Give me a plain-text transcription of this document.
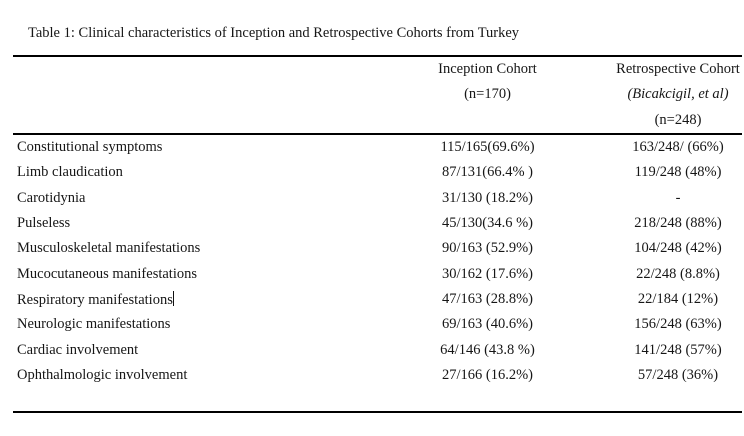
Table 1: Clinical characteristics of Inception and Retrospective Cohorts from Turkey
Inception Cohort
(n=170)
Retrospective Cohort
(Bicakcigil, et al)
(n=248)
Constitutional symptoms	115/165(69.6%)	163/248/ (66%)
Limb claudication	87/131(66.4% )	119/248 (48%)
Carotidynia	31/130 (18.2%)	-
Pulseless	45/130(34.6 %)	218/248 (88%)
Musculoskeletal manifestations	90/163 (52.9%)	104/248 (42%)
Mucocutaneous manifestations	30/162 (17.6%)	22/248 (8.8%)
Respiratory manifestations	47/163 (28.8%)	22/184 (12%)
Neurologic manifestations	69/163 (40.6%)	156/248 (63%)
Cardiac involvement	64/146 (43.8 %)	141/248 (57%)
Ophthalmologic involvement	27/166 (16.2%)	57/248 (36%)
